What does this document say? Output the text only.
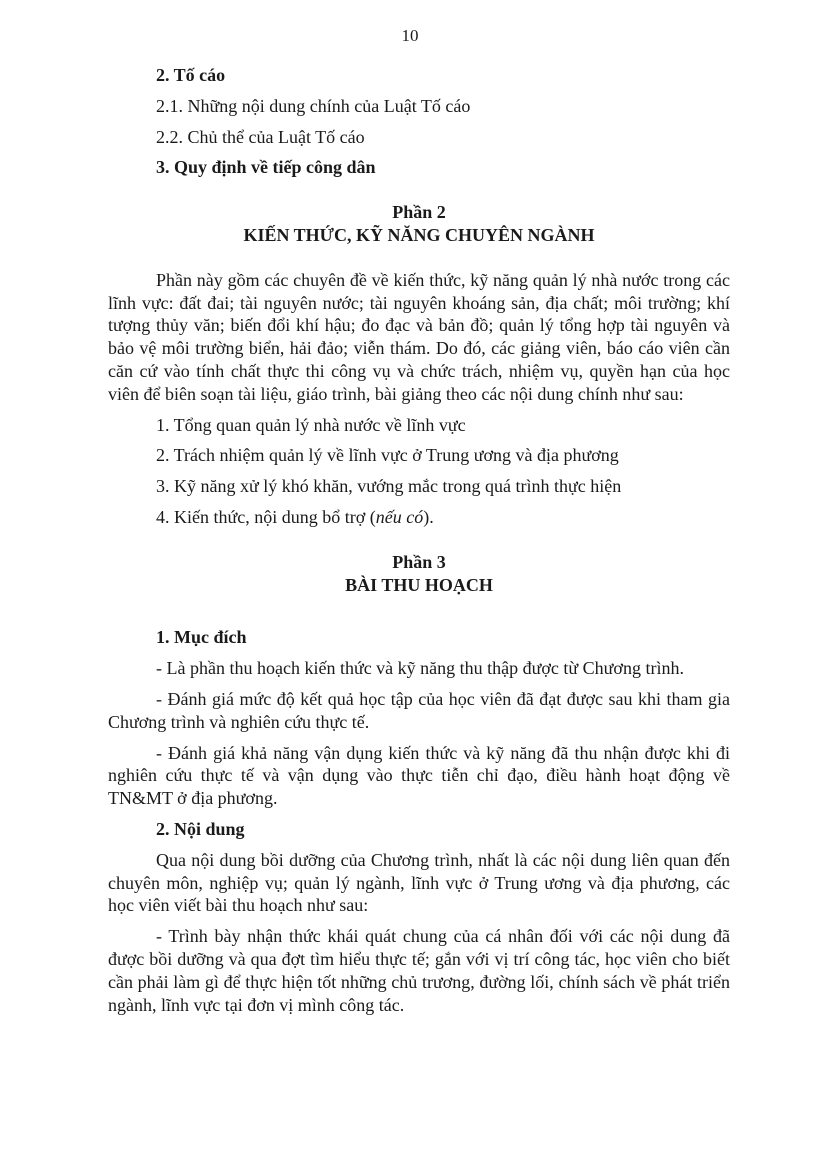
10

2. Tố cáo

2.1. Những nội dung chính của Luật Tố cáo

2.2. Chủ thể của Luật Tố cáo

3. Quy định về tiếp công dân

Phần 2

KIẾN THỨC, KỸ NĂNG CHUYÊN NGÀNH

Phần này gồm các chuyên đề về kiến thức, kỹ năng quản lý nhà nước trong các lĩnh vực: đất đai; tài nguyên nước; tài nguyên khoáng sản, địa chất; môi trường; khí tượng thủy văn; biến đổi khí hậu; đo đạc và bản đồ; quản lý tổng hợp tài nguyên và bảo vệ môi trường biển, hải đảo; viễn thám. Do đó, các giảng viên, báo cáo viên cần căn cứ vào tính chất thực thi công vụ và chức trách, nhiệm vụ, quyền hạn của học viên để biên soạn tài liệu, giáo trình, bài giảng theo các nội dung chính như sau:

1. Tổng quan quản lý nhà nước về lĩnh vực

2. Trách nhiệm quản lý về lĩnh vực ở Trung ương và địa phương

3. Kỹ năng xử lý khó khăn, vướng mắc trong quá trình thực hiện

4. Kiến thức, nội dung bổ trợ (nếu có).

Phần 3

BÀI THU HOẠCH

1. Mục đích

- Là phần thu hoạch kiến thức và kỹ năng thu thập được từ Chương trình.

- Đánh giá mức độ kết quả học tập của học viên đã đạt được sau khi tham gia Chương trình và nghiên cứu thực tế.

- Đánh giá khả năng vận dụng kiến thức và kỹ năng đã thu nhận được khi đi nghiên cứu thực tế và vận dụng vào thực tiễn chỉ đạo, điều hành hoạt động về TN&MT ở địa phương.

2. Nội dung

Qua nội dung bồi dưỡng của Chương trình, nhất là các nội dung liên quan đến chuyên môn, nghiệp vụ; quản lý ngành, lĩnh vực ở Trung ương và địa phương, các học viên viết bài thu hoạch như sau:

- Trình bày nhận thức khái quát chung của cá nhân đối với các nội dung đã được bồi dưỡng và qua đợt tìm hiểu thực tế; gắn với vị trí công tác, học viên cho biết cần phải làm gì để thực hiện tốt những chủ trương, đường lối, chính sách về phát triển ngành, lĩnh vực tại đơn vị mình công tác.
